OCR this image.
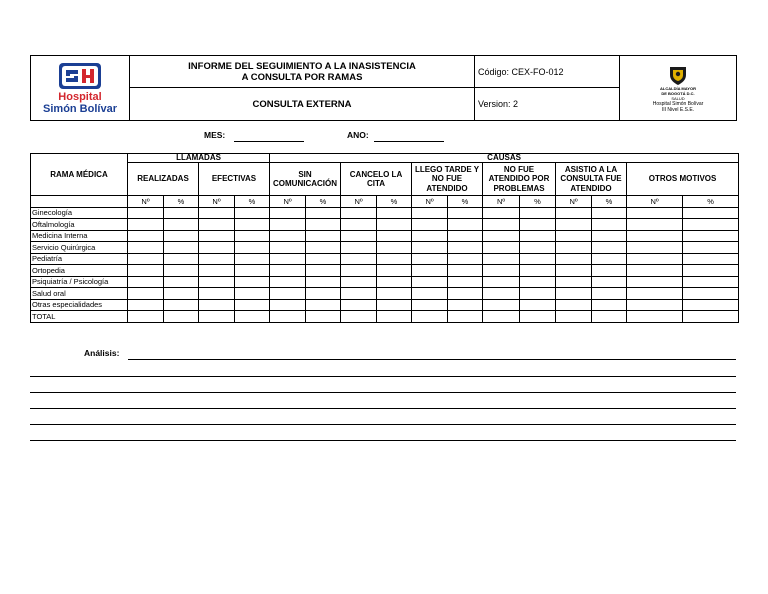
Hospital
Simón Bolívar
INFORME DEL SEGUIMIENTO A LA INASISTENCIA
A CONSULTA POR RAMAS
CONSULTA EXTERNA
Código: CEX-FO-012
Version: 2
ALCALDÍA MAYOR
DE BOGOTÁ D.C.
SALUD
Hospital Simón Bolívar
III Nivel E.S.E.
MES:	ANO:
RAMA MÉDICA	LLAMADAS				CAUSAS											
	REALIZADAS		EFECTIVAS		SIN COMUNICACIÓN		CANCELO LA CITA		LLEGO TARDE Y NO FUE ATENDIDO		NO FUE ATENDIDO POR PROBLEMAS		ASISTIO A LA CONSULTA FUE ATENDIDO		OTROS MOTIVOS	
	Nº	%	Nº	%	Nº	%	Nº	%	Nº	%	Nº	%	Nº	%	Nº	%
Ginecología																
Oftalmología																
Medicina Interna																
Servicio Quirúrgica																
Pediatría																
Ortopedia																
Psiquiatría / Psicología																
Salud oral																
Otras especialidades																
TOTAL																
Análisis:
